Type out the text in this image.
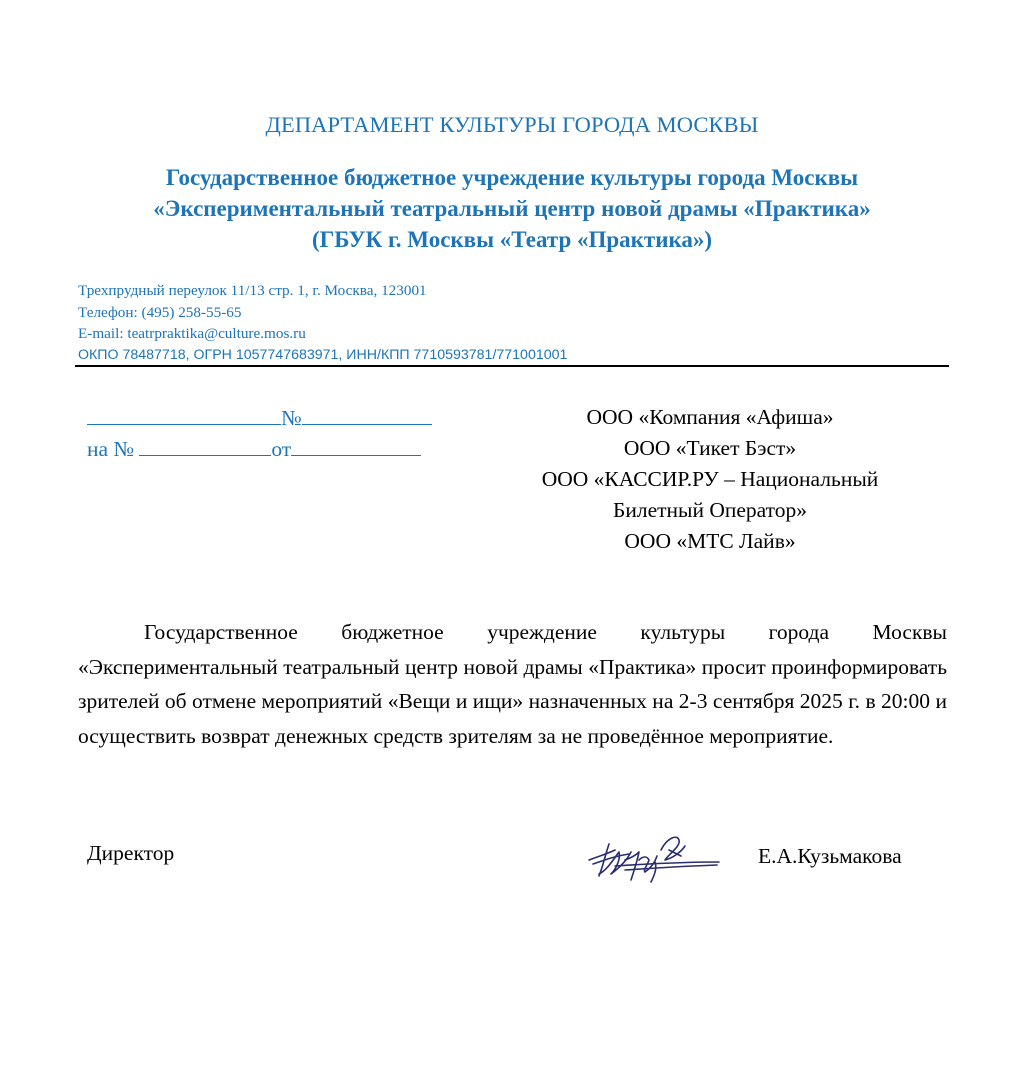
ДЕПАРТАМЕНТ КУЛЬТУРЫ ГОРОДА МОСКВЫ
Государственное бюджетное учреждение культуры города Москвы
«Экспериментальный театральный центр новой драмы «Практика»
(ГБУК г. Москвы «Театр «Практика»)
Трехпрудный переулок 11/13 стр. 1, г. Москва, 123001
Телефон: (495) 258-55-65
E-mail: teatrpraktika@culture.mos.ru
ОКПО 78487718, ОГРН 1057747683971, ИНН/КПП 7710593781/771001001
№
на №	от
ООО «Компания «Афиша»
ООО «Тикет Бэст»
ООО «КАССИР.РУ – Национальный
Билетный Оператор»
ООО «МТС Лайв»

Государственное бюджетное учреждение культуры города Москвы «Экспериментальный театральный центр новой драмы «Практика» просит проинформировать зрителей об отмене мероприятий «Вещи и ищи» назначенных на 2-3 сентября 2025 г. в 20:00 и осуществить возврат денежных средств зрителям за не проведённое мероприятие.

Директор	Е.А.Кузьмакова
